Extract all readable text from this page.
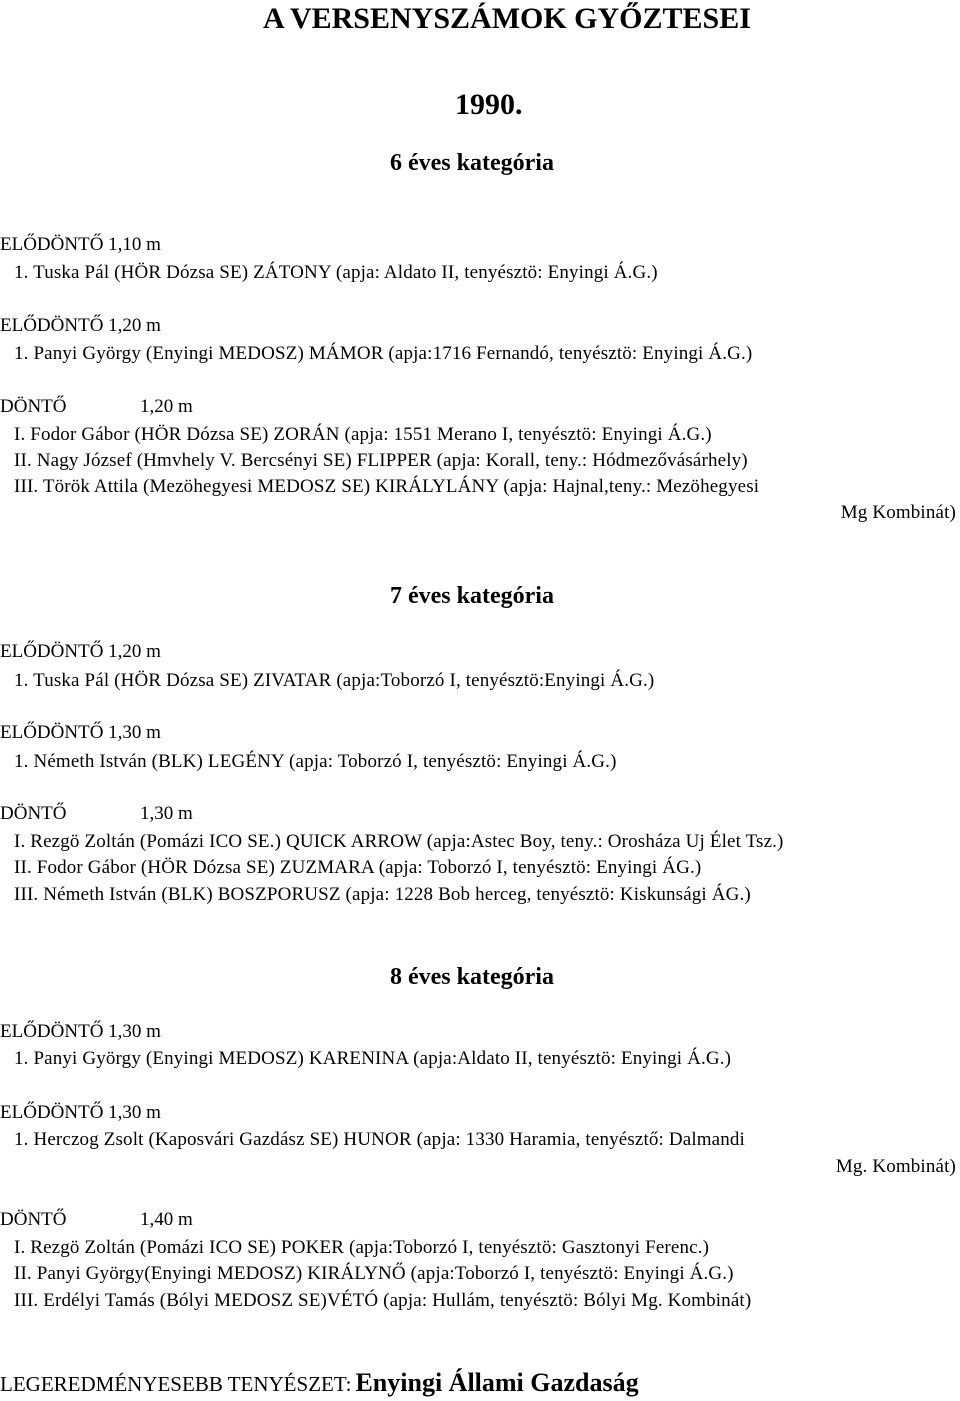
A VERSENYSZÁMOK GYŐZTESEI
1990.
6 éves kategória
ELŐDÖNTŐ 1,10 m
1. Tuska Pál (HÖR Dózsa SE) ZÁTONY (apja: Aldato II, tenyésztö: Enyingi Á.G.)
ELŐDÖNTŐ 1,20 m
1. Panyi György (Enyingi MEDOSZ) MÁMOR (apja:1716 Fernandó, tenyésztö: Enyingi Á.G.)
DÖNTŐ	1,20 m
I. Fodor Gábor (HÖR Dózsa SE) ZORÁN (apja: 1551 Merano I, tenyésztö: Enyingi Á.G.)
II. Nagy József (Hmvhely V. Bercsényi SE) FLIPPER (apja: Korall, teny.: Hódmezővásárhely)
III. Török Attila (Mezöhegyesi MEDOSZ SE) KIRÁLYLÁNY (apja: Hajnal,teny.: Mezöhegyesi
Mg Kombinát)
7 éves kategória
ELŐDÖNTŐ 1,20 m
1. Tuska Pál (HÖR Dózsa SE) ZIVATAR (apja:Toborzó I, tenyésztö:Enyingi Á.G.)
ELŐDÖNTŐ 1,30 m
1. Németh István (BLK) LEGÉNY (apja: Toborzó I, tenyésztö: Enyingi Á.G.)
DÖNTŐ	1,30 m
I. Rezgö Zoltán (Pomázi ICO SE.) QUICK ARROW (apja:Astec Boy, teny.: Orosháza Uj Élet Tsz.)
II. Fodor Gábor (HÖR Dózsa SE) ZUZMARA (apja: Toborzó I, tenyésztö: Enyingi ÁG.)
III. Németh István (BLK) BOSZPORUSZ (apja: 1228 Bob herceg, tenyésztö: Kiskunsági ÁG.)
8 éves kategória
ELŐDÖNTŐ 1,30 m
1. Panyi György (Enyingi MEDOSZ) KARENINA (apja:Aldato II, tenyésztö: Enyingi Á.G.)
ELŐDÖNTŐ 1,30 m
1. Herczog Zsolt (Kaposvári Gazdász SE) HUNOR (apja: 1330 Haramia, tenyésztő: Dalmandi
Mg. Kombinát)
DÖNTŐ	1,40 m
I. Rezgö Zoltán (Pomázi ICO SE) POKER (apja:Toborzó I, tenyésztö: Gasztonyi Ferenc.)
II. Panyi György(Enyingi MEDOSZ) KIRÁLYNŐ (apja:Toborzó I, tenyésztö: Enyingi Á.G.)
III. Erdélyi Tamás (Bólyi MEDOSZ SE)VÉTÓ (apja: Hullám, tenyésztö: Bólyi Mg. Kombinát)
LEGEREDMÉNYESEBB TENYÉSZET: Enyingi Állami Gazdaság
